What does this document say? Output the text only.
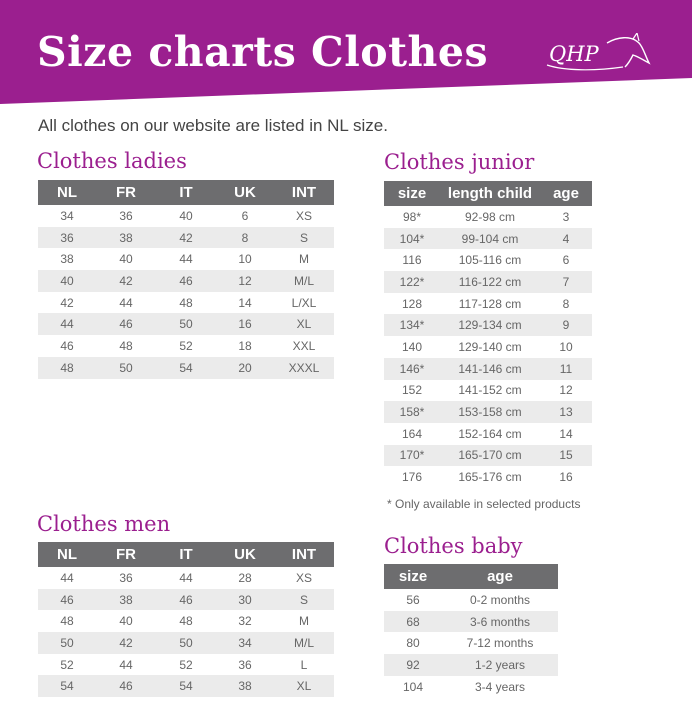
Size charts Clothes	QHP
All clothes on our website are listed in NL size.
Clothes ladies
NL	FR	IT	UK	INT
34	36	40	6	XS
36	38	42	8	S
38	40	44	10	M
40	42	46	12	M/L
42	44	48	14	L/XL
44	46	50	16	XL
46	48	52	18	XXL
48	50	54	20	XXXL
Clothes men
NL	FR	IT	UK	INT
44	36	44	28	XS
46	38	46	30	S
48	40	48	32	M
50	42	50	34	M/L
52	44	52	36	L
54	46	54	38	XL
Clothes junior
size	length child	age
98*	92-98 cm	3
104*	99-104 cm	4
116	105-116 cm	6
122*	116-122 cm	7
128	117-128 cm	8
134*	129-134 cm	9
140	129-140 cm	10
146*	141-146 cm	11
152	141-152 cm	12
158*	153-158 cm	13
164	152-164 cm	14
170*	165-170 cm	15
176	165-176 cm	16
* Only available in selected products
Clothes baby
size	age
56	0-2 months
68	3-6 months
80	7-12 months
92	1-2 years
104	3-4 years
